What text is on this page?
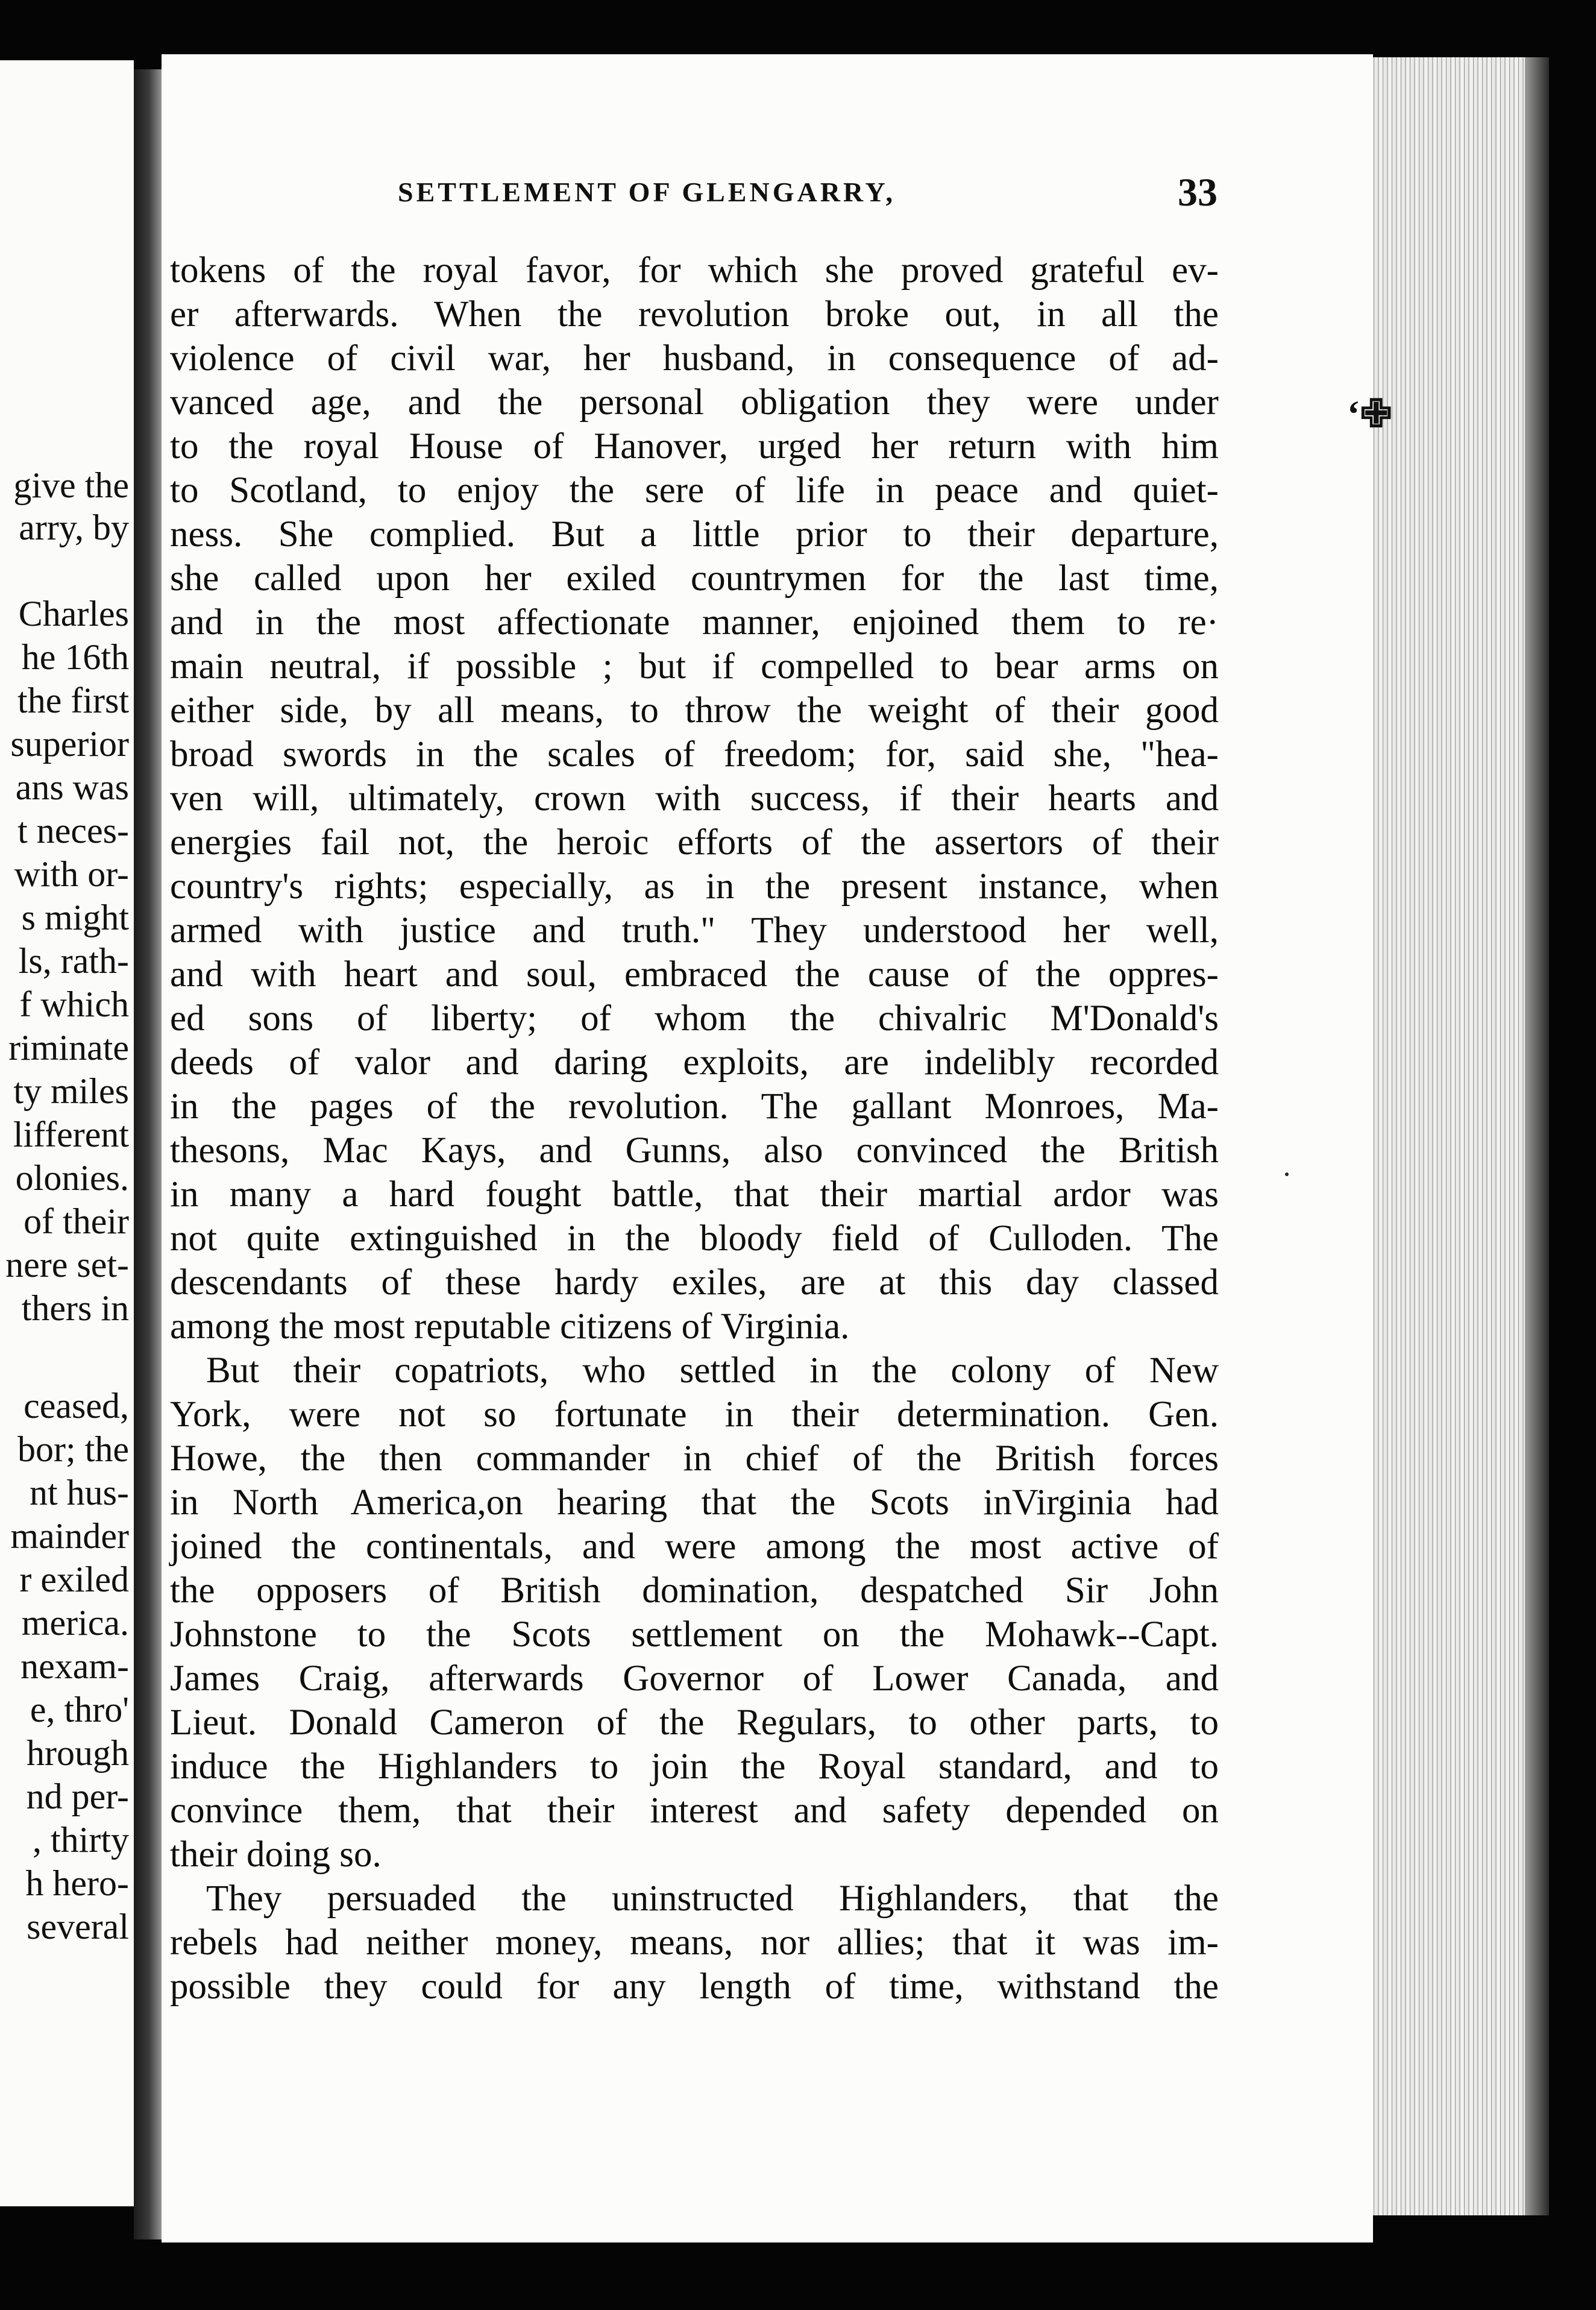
give the
arry, by
Charles
he 16th
the first
superior
ans was
t neces-
with or-
s might
ls, rath-
f which
riminate
ty miles
lifferent
olonies.
of their
nere set-
thers in
ceased,
bor; the
nt hus-
mainder
r exiled
merica.
nexam-
e, thro'
hrough
nd per-
, thirty
h hero-
several
SETTLEMENT OF GLENGARRY,	33
tokens of the royal favor, for which she proved grateful ev-
er afterwards. When the revolution broke out, in all the
violence of civil war, her husband, in consequence of ad-
vanced age, and the personal obligation they were under
to the royal House of Hanover, urged her return with him
to Scotland, to enjoy the sere of life in peace and quiet-
ness. She complied. But a little prior to their departure,
she called upon her exiled countrymen for the last time,
and in the most affectionate manner, enjoined them to re·
main neutral, if possible ; but if compelled to bear arms on
either side, by all means, to throw the weight of their good
broad swords in the scales of freedom; for, said she, "hea-
ven will, ultimately, crown with success, if their hearts and
energies fail not, the heroic efforts of the assertors of their
country's rights; especially, as in the present instance, when
armed with justice and truth." They understood her well,
and with heart and soul, embraced the cause of the oppres-
ed sons of liberty; of whom the chivalric M'Donald's
deeds of valor and daring exploits, are indelibly recorded
in the pages of the revolution. The gallant Monroes, Ma-
thesons, Mac Kays, and Gunns, also convinced the British
in many a hard fought battle, that their martial ardor was
not quite extinguished in the bloody field of Culloden. The
descendants of these hardy exiles, are at this day classed
among the most reputable citizens of Virginia.
But their copatriots, who settled in the colony of New
York, were not so fortunate in their determination. Gen.
Howe, the then commander in chief of the British forces
in North America,on hearing that the Scots inVirginia had
joined the continentals, and were among the most active of
the opposers of British domination, despatched Sir John
Johnstone to the Scots settlement on the Mohawk--Capt.
James Craig, afterwards Governor of Lower Canada, and
Lieut. Donald Cameron of the Regulars, to other parts, to
induce the Highlanders to join the Royal standard, and to
convince them, that their interest and safety depended on
their doing so.
They persuaded the uninstructed Highlanders, that the
rebels had neither money, means, nor allies; that it was im-
possible they could for any length of time, withstand the
‘✙
